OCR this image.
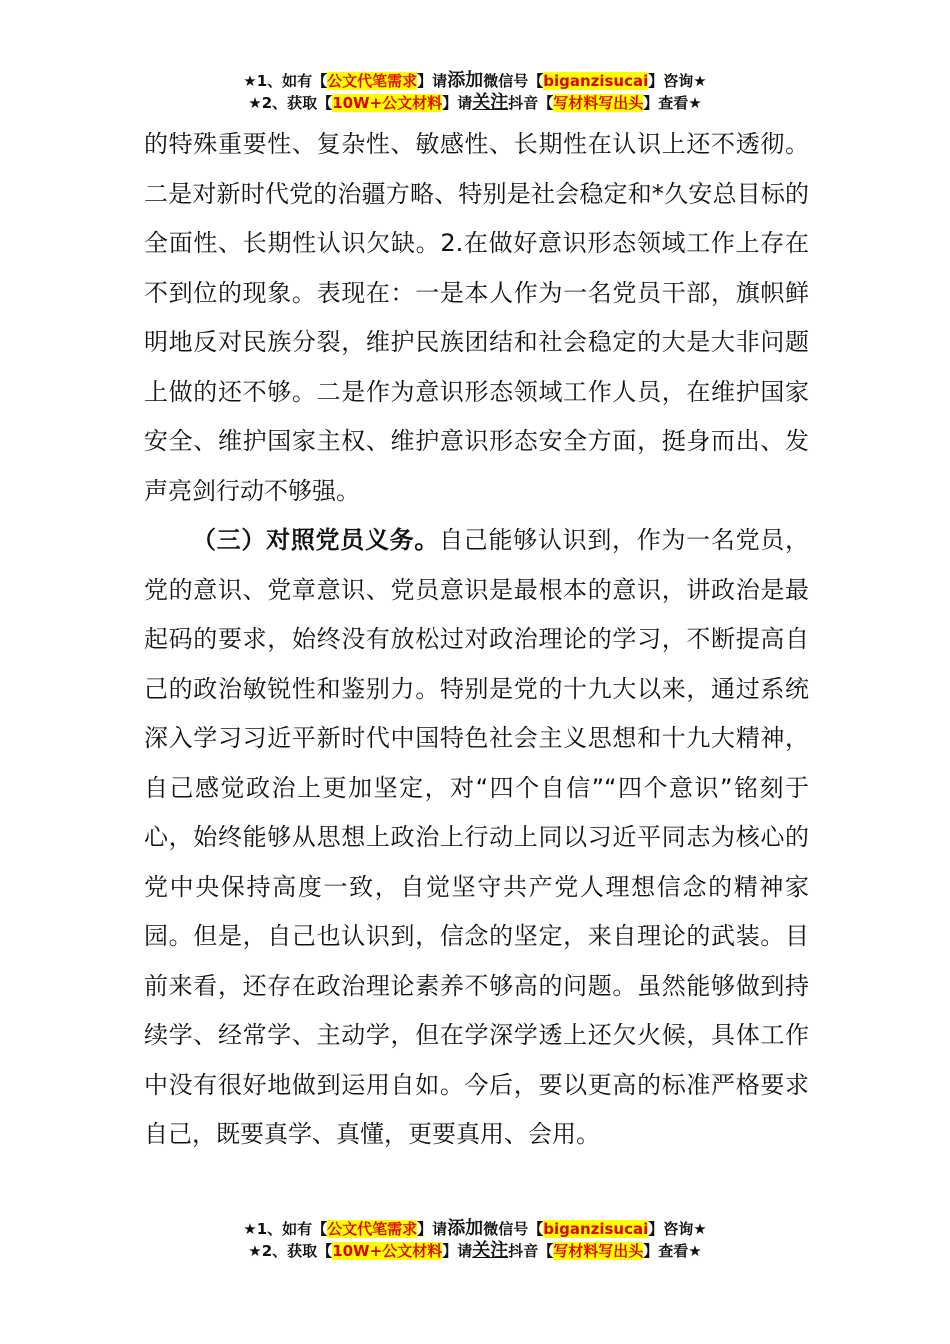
★1、如有【公文代笔需求】请添加微信号【biganzisucai】咨询★
★2、获取【10W+公文材料】请关注抖音【写材料写出头】查看★

的特殊重要性、复杂性、敏感性、长期性在认识上还不透彻。二是对新时代党的治疆方略、特别是社会稳定和*久安总目标的全面性、长期性认识欠缺。2.在做好意识形态领域工作上存在不到位的现象。表现在：一是本人作为一名党员干部，旗帜鲜明地反对民族分裂，维护民族团结和社会稳定的大是大非问题上做的还不够。二是作为意识形态领域工作人员，在维护国家安全、维护国家主权、维护意识形态安全方面，挺身而出、发声亮剑行动不够强。

（三）对照党员义务。自己能够认识到，作为一名党员，党的意识、党章意识、党员意识是最根本的意识，讲政治是最起码的要求，始终没有放松过对政治理论的学习，不断提高自己的政治敏锐性和鉴别力。特别是党的十九大以来，通过系统深入学习习近平新时代中国特色社会主义思想和十九大精神，自己感觉政治上更加坚定，对“四个自信”“四个意识”铭刻于心，始终能够从思想上政治上行动上同以习近平同志为核心的党中央保持高度一致，自觉坚守共产党人理想信念的精神家园。但是，自己也认识到，信念的坚定，来自理论的武装。目前来看，还存在政治理论素养不够高的问题。虽然能够做到持续学、经常学、主动学，但在学深学透上还欠火候，具体工作中没有很好地做到运用自如。今后，要以更高的标准严格要求自己，既要真学、真懂，更要真用、会用。

★1、如有【公文代笔需求】请添加微信号【biganzisucai】咨询★
★2、获取【10W+公文材料】请关注抖音【写材料写出头】查看★
